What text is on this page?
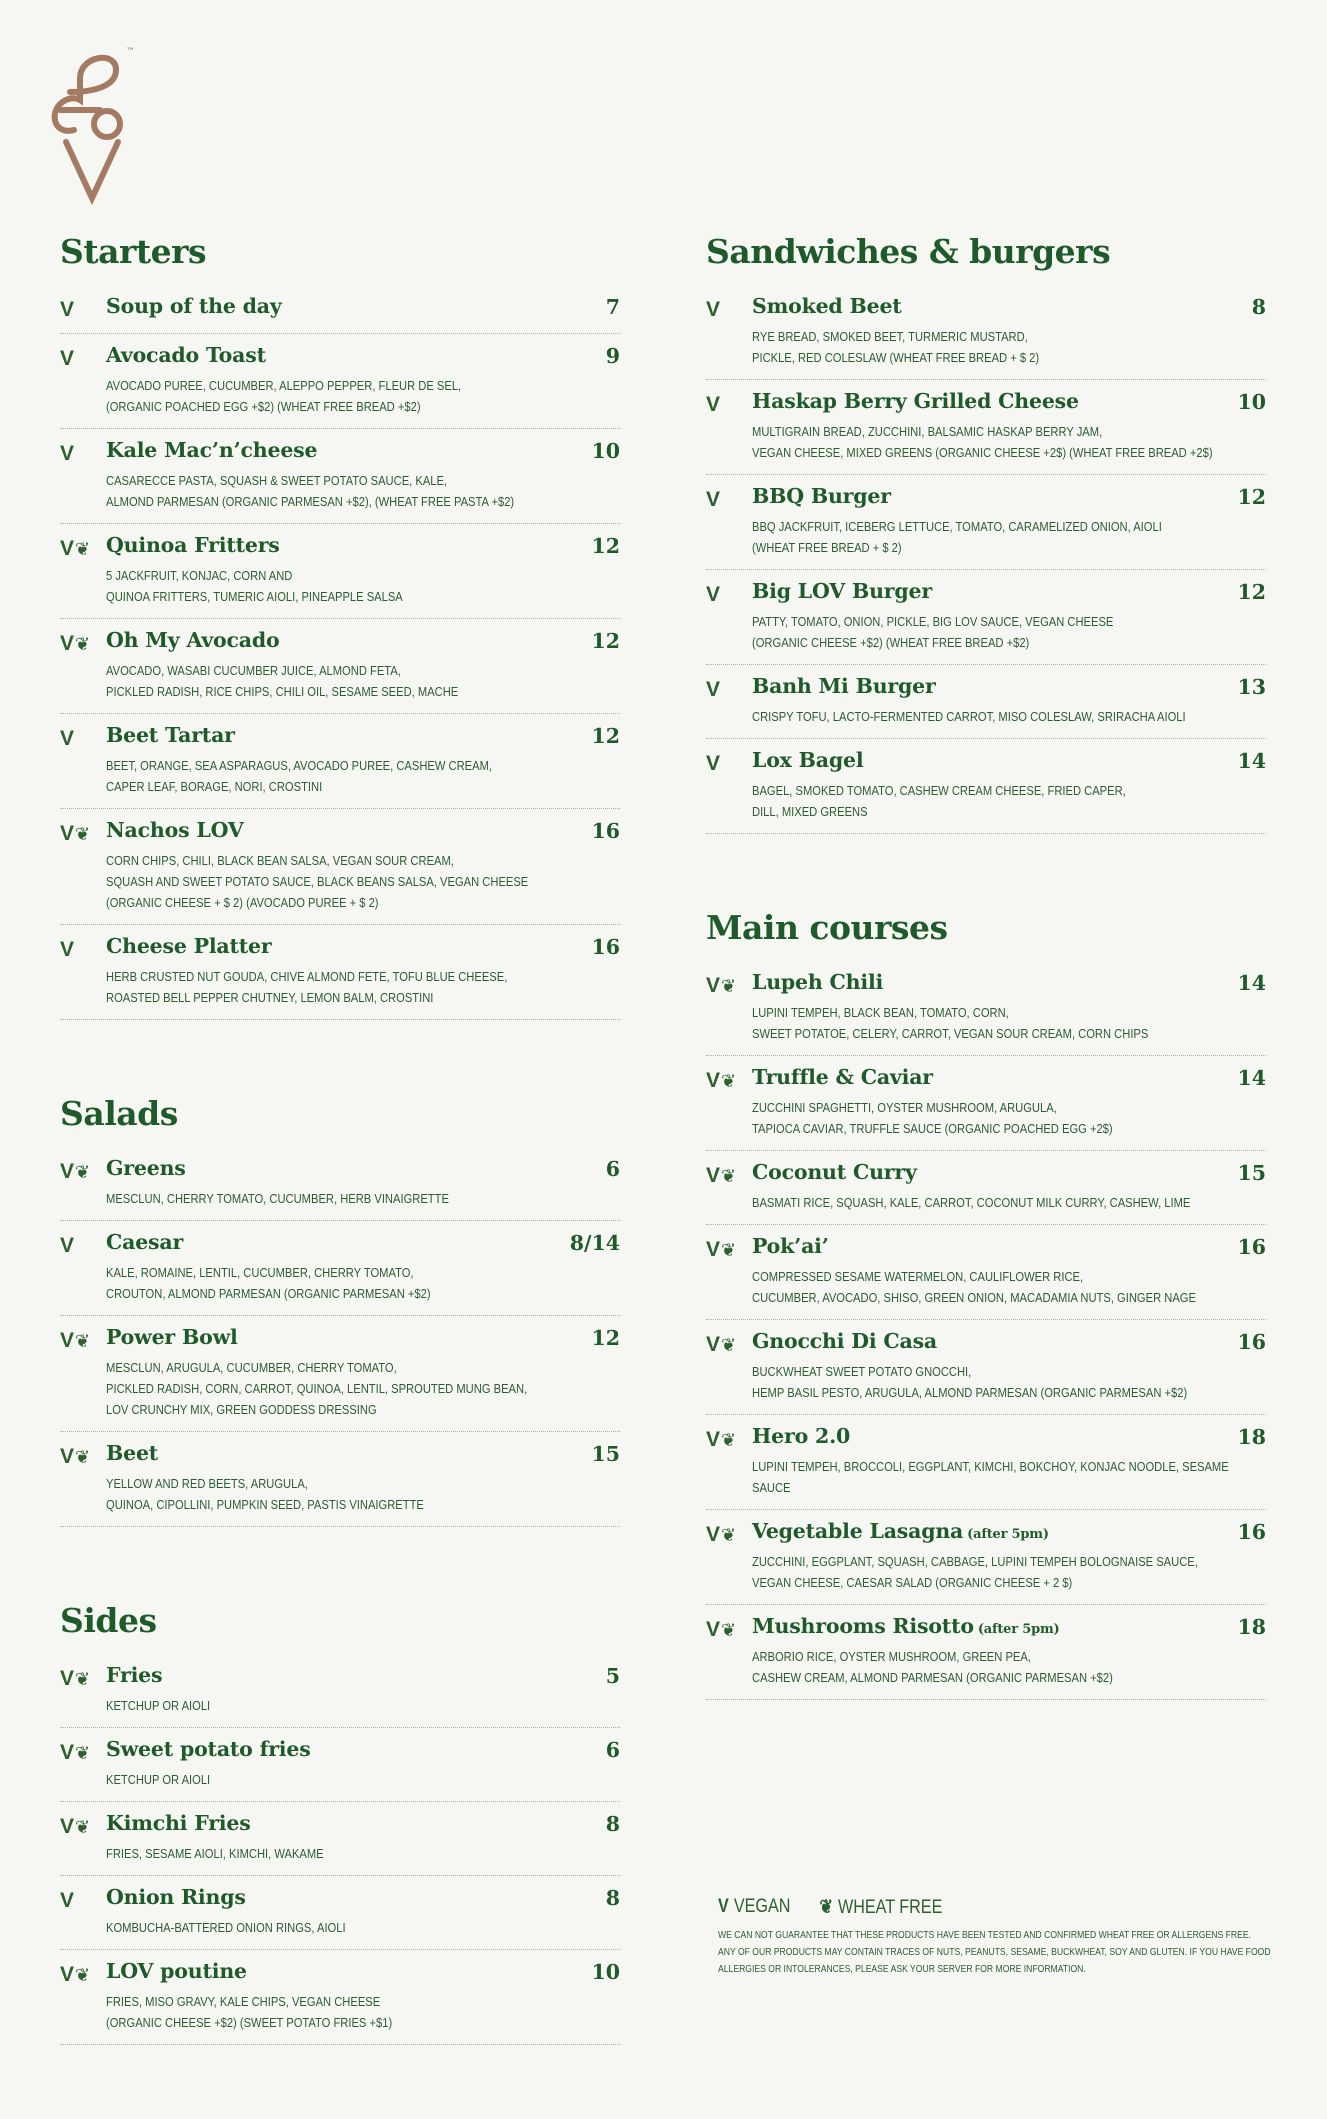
™
Starters
V	Soup of the day	7
V	Avocado Toast	9
AVOCADO PUREE, CUCUMBER, ALEPPO PEPPER, FLEUR DE SEL,
(ORGANIC POACHED EGG +$2) (WHEAT FREE BREAD +$2)
V	Kale Mac’n’cheese	10
CASARECCE PASTA, SQUASH & SWEET POTATO SAUCE, KALE,
ALMOND PARMESAN (ORGANIC PARMESAN +$2), (WHEAT FREE PASTA +$2)
V❦ Quinoa Fritters	12
5 JACKFRUIT, KONJAC, CORN AND
QUINOA FRITTERS, TUMERIC AIOLI, PINEAPPLE SALSA
V❦ Oh My Avocado	12
AVOCADO, WASABI CUCUMBER JUICE, ALMOND FETA,
PICKLED RADISH, RICE CHIPS, CHILI OIL, SESAME SEED, MACHE
V	Beet Tartar	12
BEET, ORANGE, SEA ASPARAGUS, AVOCADO PUREE, CASHEW CREAM,
CAPER LEAF, BORAGE, NORI, CROSTINI
V❦ Nachos LOV	16
CORN CHIPS, CHILI, BLACK BEAN SALSA, VEGAN SOUR CREAM,
SQUASH AND SWEET POTATO SAUCE, BLACK BEANS SALSA, VEGAN CHEESE
(ORGANIC CHEESE + $ 2) (AVOCADO PUREE + $ 2)
V	Cheese Platter	16
HERB CRUSTED NUT GOUDA, CHIVE ALMOND FETE, TOFU BLUE CHEESE,
ROASTED BELL PEPPER CHUTNEY, LEMON BALM, CROSTINI
Salads
V❦ Greens	6
MESCLUN, CHERRY TOMATO, CUCUMBER, HERB VINAIGRETTE
V	Caesar	8/14
KALE, ROMAINE, LENTIL, CUCUMBER, CHERRY TOMATO,
CROUTON, ALMOND PARMESAN (ORGANIC PARMESAN +$2)
V❦ Power Bowl	12
MESCLUN, ARUGULA, CUCUMBER, CHERRY TOMATO,
PICKLED RADISH, CORN, CARROT, QUINOA, LENTIL, SPROUTED MUNG BEAN,
LOV CRUNCHY MIX, GREEN GODDESS DRESSING
V❦ Beet	15
YELLOW AND RED BEETS, ARUGULA,
QUINOA, CIPOLLINI, PUMPKIN SEED, PASTIS VINAIGRETTE
Sides
V❦ Fries	5
KETCHUP OR AIOLI
V❦ Sweet potato fries	6
KETCHUP OR AIOLI
V❦ Kimchi Fries	8
FRIES, SESAME AIOLI, KIMCHI, WAKAME
V	Onion Rings	8
KOMBUCHA-BATTERED ONION RINGS, AIOLI
V❦ LOV poutine	10
FRIES, MISO GRAVY, KALE CHIPS, VEGAN CHEESE
(ORGANIC CHEESE +$2) (SWEET POTATO FRIES +$1)
Sandwiches & burgers
V	Smoked Beet	8
RYE BREAD, SMOKED BEET, TURMERIC MUSTARD,
PICKLE, RED COLESLAW (WHEAT FREE BREAD + $ 2)
V	Haskap Berry Grilled Cheese	10
MULTIGRAIN BREAD, ZUCCHINI, BALSAMIC HASKAP BERRY JAM,
VEGAN CHEESE, MIXED GREENS (ORGANIC CHEESE +2$) (WHEAT FREE BREAD +2$)
V	BBQ Burger	12
BBQ JACKFRUIT, ICEBERG LETTUCE, TOMATO, CARAMELIZED ONION, AIOLI
(WHEAT FREE BREAD + $ 2)
V	Big LOV Burger	12
PATTY, TOMATO, ONION, PICKLE, BIG LOV SAUCE, VEGAN CHEESE
(ORGANIC CHEESE +$2) (WHEAT FREE BREAD +$2)
V	Banh Mi Burger	13
CRISPY TOFU, LACTO-FERMENTED CARROT, MISO COLESLAW, SRIRACHA AIOLI
V	Lox Bagel	14
BAGEL, SMOKED TOMATO, CASHEW CREAM CHEESE, FRIED CAPER,
DILL, MIXED GREENS
Main courses
V❦ Lupeh Chili	14
LUPINI TEMPEH, BLACK BEAN, TOMATO, CORN,
SWEET POTATOE, CELERY, CARROT, VEGAN SOUR CREAM, CORN CHIPS
V❦ Truffle & Caviar	14
ZUCCHINI SPAGHETTI, OYSTER MUSHROOM, ARUGULA,
TAPIOCA CAVIAR, TRUFFLE SAUCE (ORGANIC POACHED EGG +2$)
V❦ Coconut Curry	15
BASMATI RICE, SQUASH, KALE, CARROT, COCONUT MILK CURRY, CASHEW, LIME
V❦ Pok’ai’	16
COMPRESSED SESAME WATERMELON, CAULIFLOWER RICE,
CUCUMBER, AVOCADO, SHISO, GREEN ONION, MACADAMIA NUTS, GINGER NAGE
V❦ Gnocchi Di Casa	16
BUCKWHEAT SWEET POTATO GNOCCHI,
HEMP BASIL PESTO, ARUGULA, ALMOND PARMESAN (ORGANIC PARMESAN +$2)
V❦ Hero 2.0	18
LUPINI TEMPEH, BROCCOLI, EGGPLANT, KIMCHI, BOKCHOY, KONJAC NOODLE, SESAME SAUCE
V❦ Vegetable Lasagna (after 5pm)	16
ZUCCHINI, EGGPLANT, SQUASH, CABBAGE, LUPINI TEMPEH BOLOGNAISE SAUCE,
VEGAN CHEESE, CAESAR SALAD (ORGANIC CHEESE + 2 $)
V❦ Mushrooms Risotto (after 5pm)	18
ARBORIO RICE, OYSTER MUSHROOM, GREEN PEA,
CASHEW CREAM, ALMOND PARMESAN (ORGANIC PARMESAN +$2)
V VEGAN ❦ WHEAT FREE
WE CAN NOT GUARANTEE THAT THESE PRODUCTS HAVE BEEN TESTED AND CONFIRMED WHEAT FREE OR ALLERGENS FREE.
ANY OF OUR PRODUCTS MAY CONTAIN TRACES OF NUTS, PEANUTS, SESAME, BUCKWHEAT, SOY AND GLUTEN. IF YOU HAVE FOOD
ALLERGIES OR INTOLERANCES, PLEASE ASK YOUR SERVER FOR MORE INFORMATION.
